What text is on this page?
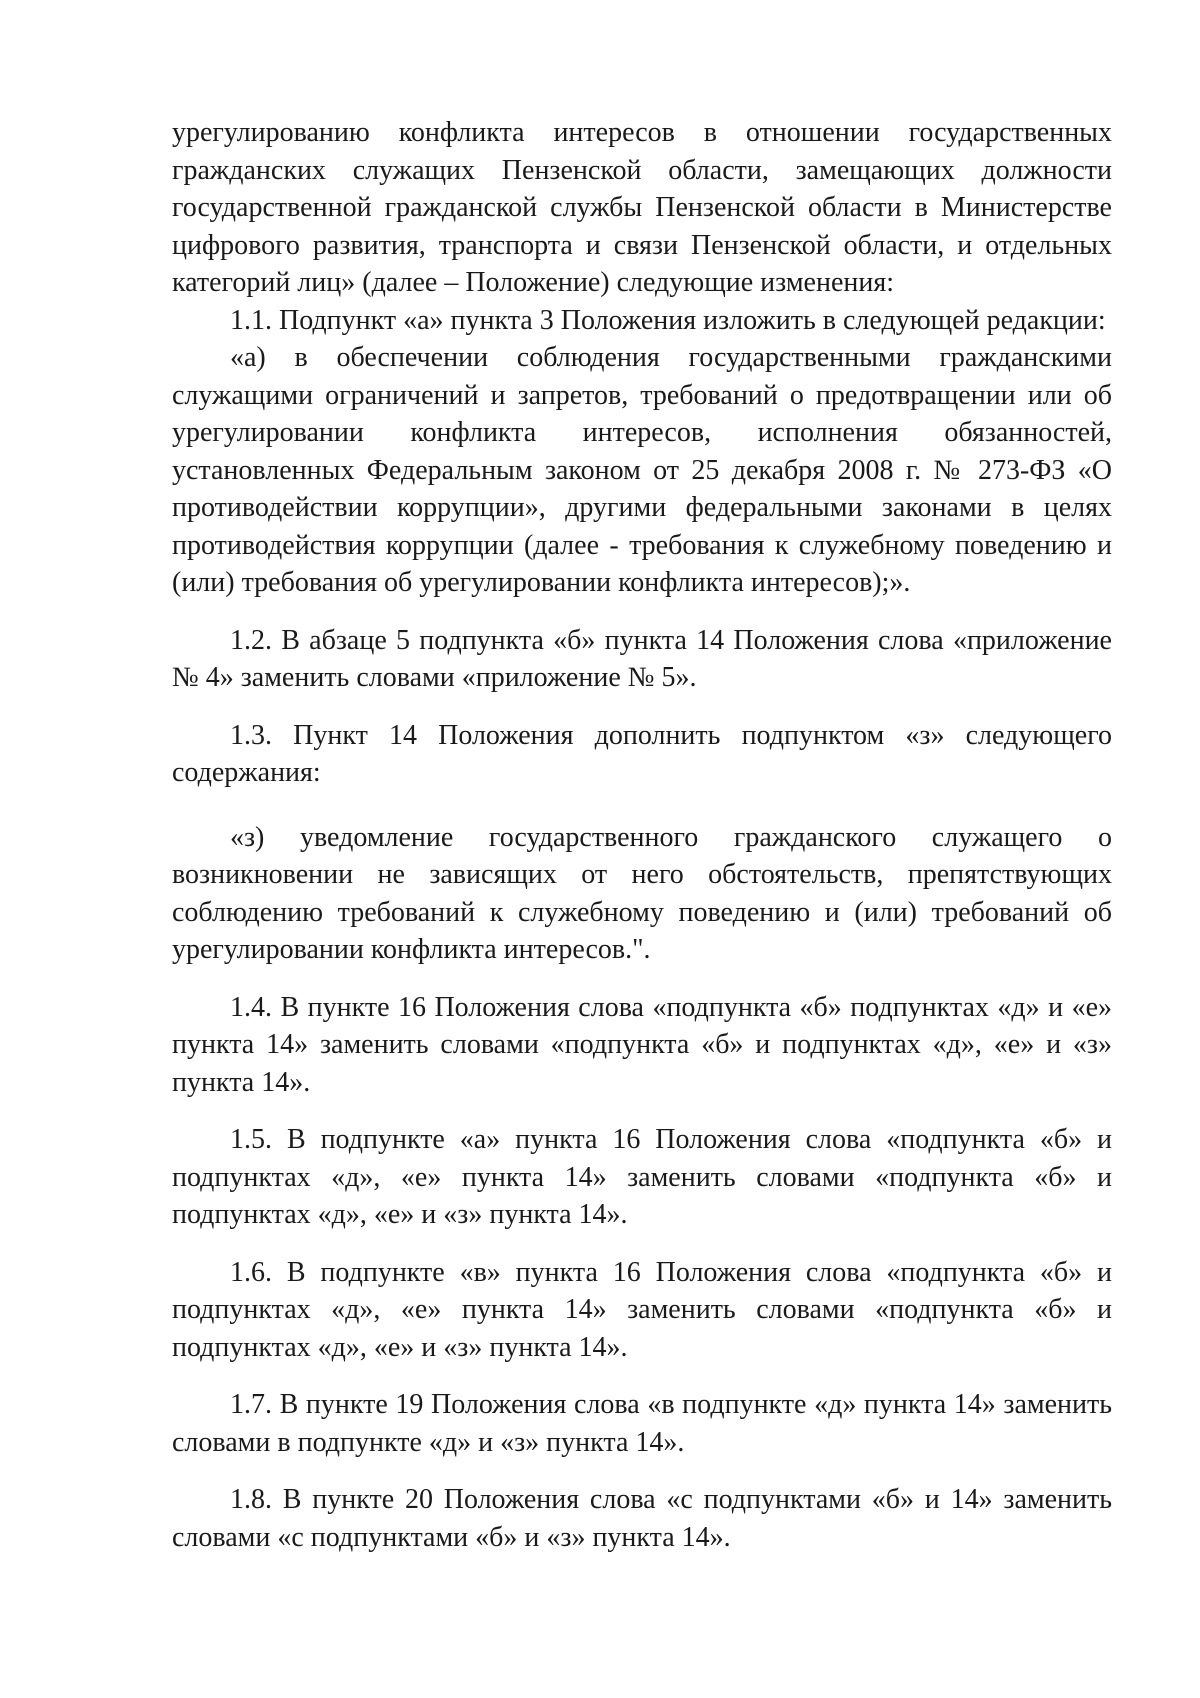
урегулированию конфликта интересов в отношении государственных гражданских служащих Пензенской области, замещающих должности государственной гражданской службы Пензенской области в Министерстве цифрового развития, транспорта и связи Пензенской области, и отдельных категорий лиц» (далее – Положение) следующие изменения:

1.1. Подпункт «а» пункта 3 Положения изложить в следующей редакции:

«а) в обеспечении соблюдения государственными гражданскими служащими ограничений и запретов, требований о предотвращении или об урегулировании конфликта интересов, исполнения обязанностей, установленных Федеральным законом от 25 декабря 2008 г. № 273-ФЗ «О противодействии коррупции», другими федеральными законами в целях противодействия коррупции (далее - требования к служебному поведению и (или) требования об урегулировании конфликта интересов);».

1.2. В абзаце 5 подпункта «б» пункта 14 Положения слова «приложение № 4» заменить словами «приложение № 5».

1.3. Пункт 14 Положения дополнить подпунктом «з» следующего содержания:

«з) уведомление государственного гражданского служащего о возникновении не зависящих от него обстоятельств, препятствующих соблюдению требований к служебному поведению и (или) требований об урегулировании конфликта интересов.".

1.4. В пункте 16 Положения слова «подпункта «б» подпунктах «д» и «е» пункта 14» заменить словами «подпункта «б» и подпунктах «д», «е» и «з» пункта 14».

1.5. В подпункте «а» пункта 16 Положения слова «подпункта «б» и подпунктах «д», «е» пункта 14» заменить словами «подпункта «б» и подпунктах «д», «е» и «з» пункта 14».

1.6. В подпункте «в» пункта 16 Положения слова «подпункта «б» и подпунктах «д», «е» пункта 14» заменить словами «подпункта «б» и подпунктах «д», «е» и «з» пункта 14».

1.7. В пункте 19 Положения слова «в подпункте «д» пункта 14» заменить словами в подпункте «д» и «з» пункта 14».

1.8. В пункте 20 Положения слова «с подпунктами «б» и 14» заменить словами «с подпунктами «б» и «з» пункта 14».
